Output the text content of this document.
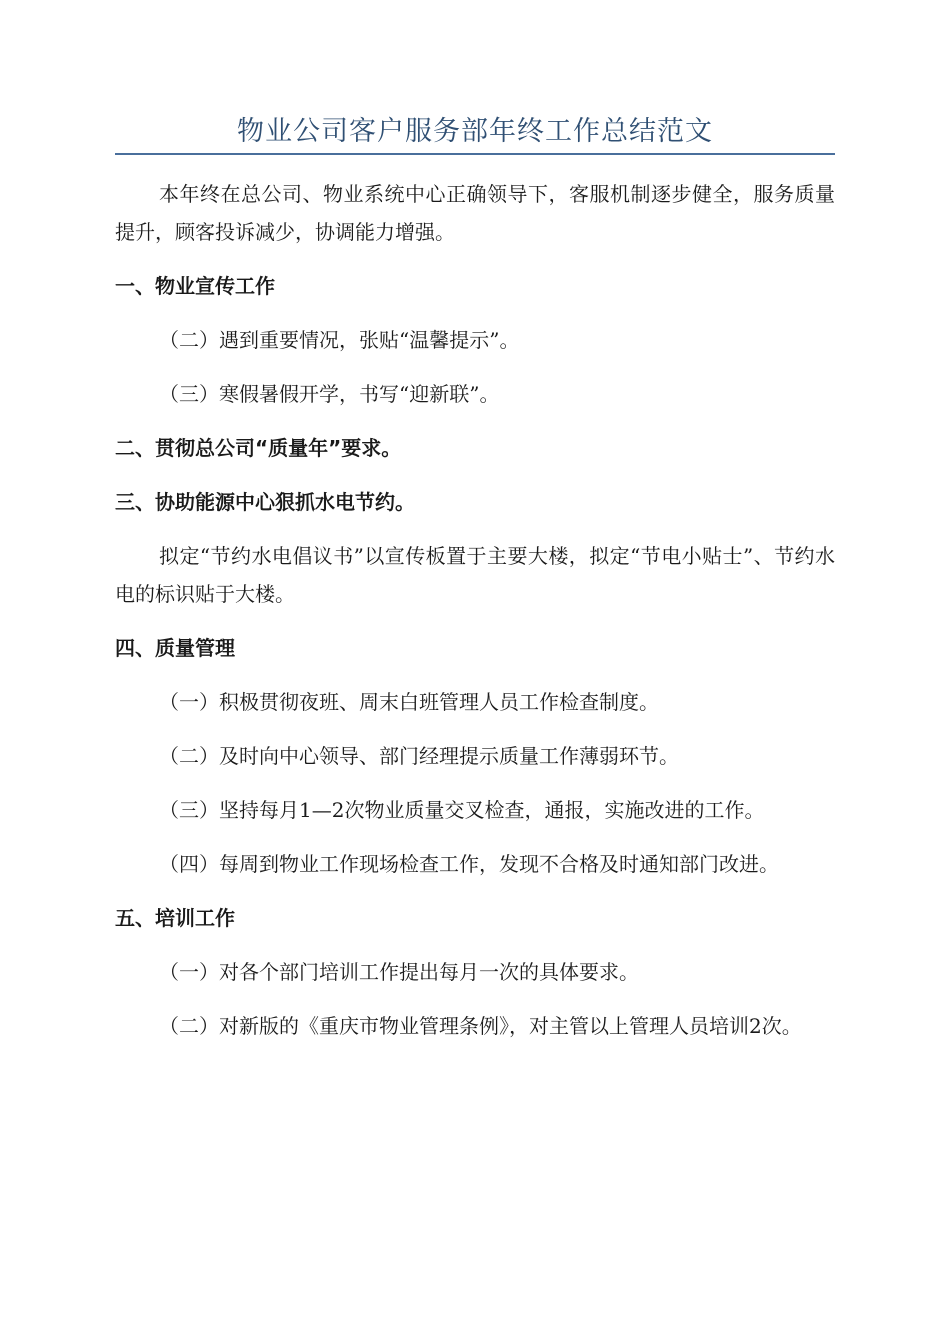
物业公司客户服务部年终工作总结范文

本年终在总公司、物业系统中心正确领导下，客服机制逐步健全，服务质量提升，顾客投诉减少，协调能力增强。

一、物业宣传工作

（二）遇到重要情况，张贴“温馨提示”。

（三）寒假暑假开学，书写“迎新联”。

二、贯彻总公司“质量年”要求。

三、协助能源中心狠抓水电节约。

拟定“节约水电倡议书”以宣传板置于主要大楼，拟定“节电小贴士”、节约水电的标识贴于大楼。

四、质量管理

（一）积极贯彻夜班、周末白班管理人员工作检查制度。

（二）及时向中心领导、部门经理提示质量工作薄弱环节。

（三）坚持每月1—2次物业质量交叉检查，通报，实施改进的工作。

（四）每周到物业工作现场检查工作，发现不合格及时通知部门改进。

五、培训工作

（一）对各个部门培训工作提出每月一次的具体要求。

（二）对新版的《重庆市物业管理条例》，对主管以上管理人员培训2次。
